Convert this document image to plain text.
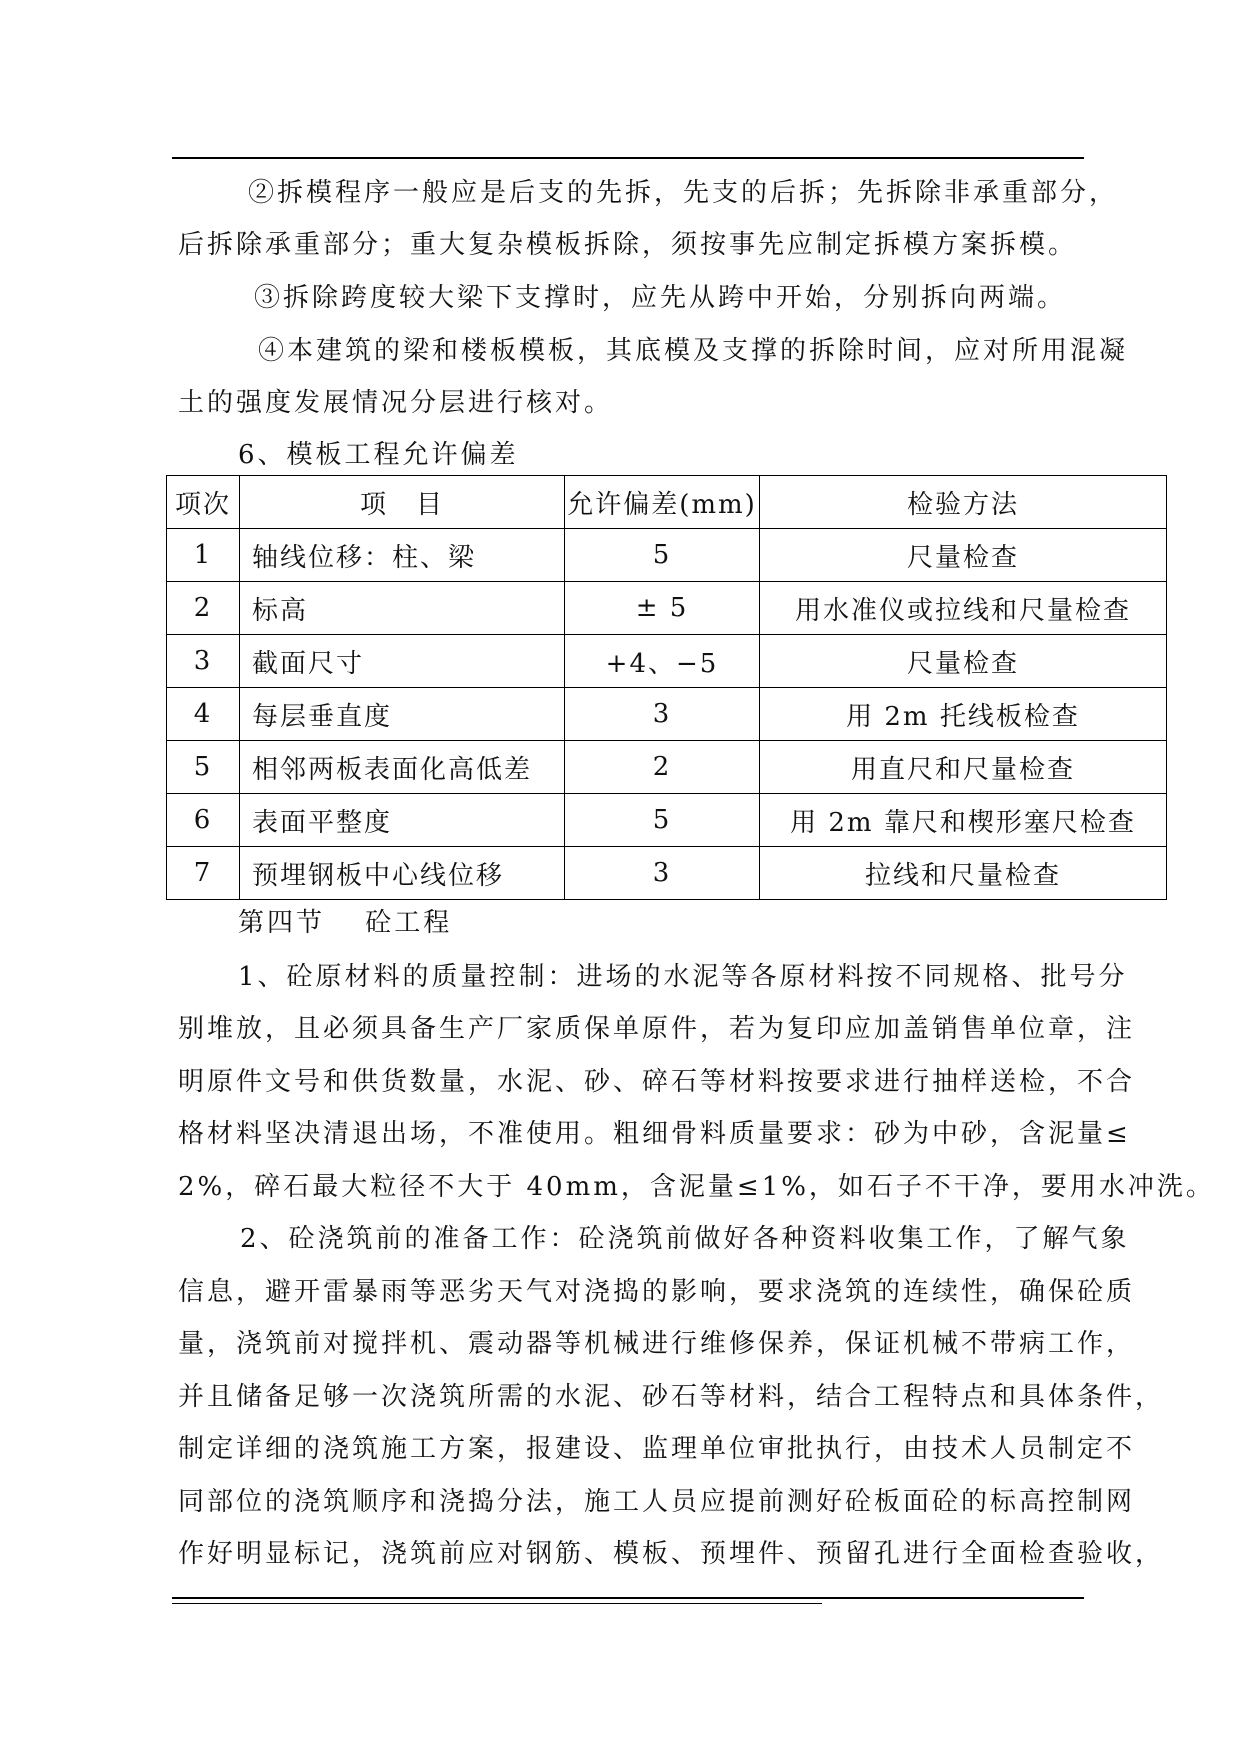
②拆模程序一般应是后支的先拆，先支的后拆；先拆除非承重部分，
后拆除承重部分；重大复杂模板拆除，须按事先应制定拆模方案拆模。
③拆除跨度较大梁下支撑时，应先从跨中开始，分别拆向两端。
④本建筑的梁和楼板模板，其底模及支撑的拆除时间，应对所用混凝
土的强度发展情况分层进行核对。
6、模板工程允许偏差
项次	项　目	允许偏差(mm)	检验方法
1	轴线位移：柱、梁	5	尺量检查
2	标高	± 5	用水准仪或拉线和尺量检查
3	截面尺寸	+4、−5	尺量检查
4	每层垂直度	3	用 2m 托线板检查
5	相邻两板表面化高低差	2	用直尺和尺量检查
6	表面平整度	5	用 2m 靠尺和楔形塞尺检查
7	预埋钢板中心线位移	3	拉线和尺量检查
第四节　 砼工程
1、砼原材料的质量控制：进场的水泥等各原材料按不同规格、批号分
别堆放，且必须具备生产厂家质保单原件，若为复印应加盖销售单位章，注
明原件文号和供货数量，水泥、砂、碎石等材料按要求进行抽样送检，不合
格材料坚决清退出场，不准使用。粗细骨料质量要求：砂为中砂，含泥量≤
2%，碎石最大粒径不大于 40mm，含泥量≤1%，如石子不干净，要用水冲洗。
2、砼浇筑前的准备工作：砼浇筑前做好各种资料收集工作，了解气象
信息，避开雷暴雨等恶劣天气对浇捣的影响，要求浇筑的连续性，确保砼质
量，浇筑前对搅拌机、震动器等机械进行维修保养，保证机械不带病工作，
并且储备足够一次浇筑所需的水泥、砂石等材料，结合工程特点和具体条件，
制定详细的浇筑施工方案，报建设、监理单位审批执行，由技术人员制定不
同部位的浇筑顺序和浇捣分法，施工人员应提前测好砼板面砼的标高控制网
作好明显标记，浇筑前应对钢筋、模板、预埋件、预留孔进行全面检查验收，
